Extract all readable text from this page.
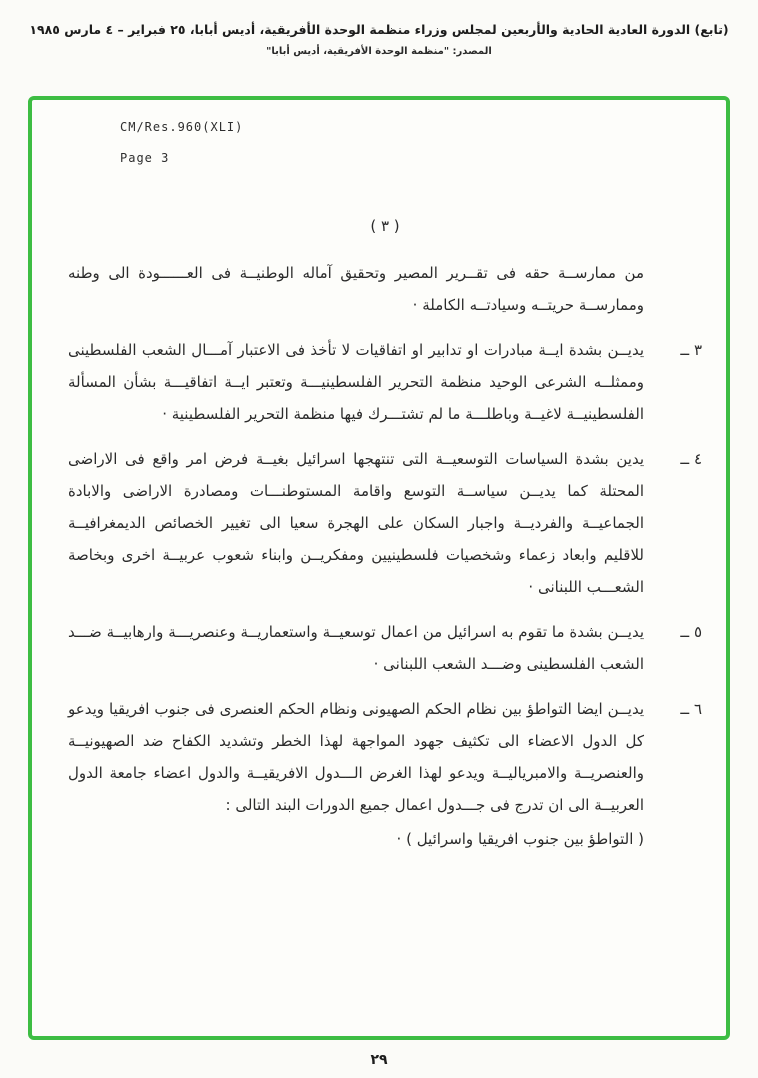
(تابع) الدورة العادية الحادية والأربعين لمجلس وزراء منظمة الوحدة الأفريقية، أديس أبابا، ٢٥ فبراير – ٤ مارس ١٩٨٥
المصدر: "منظمة الوحدة الأفريقية، أديس أبابا"
CM/Res.960(XLI)
Page 3
( ٣ )
من ممارســة حقه فى تقــرير المصير وتحقيق آماله الوطنيــة فى العــــــودة الى وطنه وممارســة حريتــه وسيادتــه الكاملة ·
٣ ــ
يديــن بشدة ايــة مبادرات او تدابير او اتفاقيات لا تأخذ فى الاعتبار آمـــال الشعب الفلسطينى وممثلــه الشرعى الوحيد منظمة التحرير الفلسطينيـــة وتعتبر ايــة اتفاقيـــة بشأن المسألة الفلسطينيــة لاغيــة وباطلـــة ما لم تشتـــرك فيها منظمة التحرير الفلسطينية ·
٤ ــ
يدين بشدة السياسات التوسعيــة التى تنتهجها اسرائيل بغيــة فرض امر واقع فى الاراضى المحتلة كما يديــن سياســة التوسع واقامة المستوطنـــات ومصادرة الاراضى والابادة الجماعيــة والفرديــة واجبار السكان على الهجرة سعيا الى تغيير الخصائص الديمغرافيــة للاقليم وابعاد زعماء وشخصيات فلسطينيين ومفكريــن وابناء شعوب عربيــة اخرى وبخاصة الشعـــب اللبنانى ·
٥ ــ
يديــن بشدة ما تقوم به اسرائيل من اعمال توسعيــة واستعماريــة وعنصريـــة وارهابيــة ضـــد الشعب الفلسطينى وضـــد الشعب اللبنانى ·
٦ ــ
يديــن ايضا التواطؤ بين نظام الحكم الصهيونى ونظام الحكم العنصرى فى جنوب افريقيا ويدعو كل الدول الاعضاء الى تكثيف جهود المواجهة لهذا الخطر وتشديد الكفاح ضد الصهيونيــة والعنصريــة والامبرياليــة ويدعو لهذا الغرض الـــدول الافريقيــة والدول اعضاء جامعة الدول العربيــة الى ان تدرج فى جـــدول اعمال جميع الدورات البند التالى :
( التواطؤ بين جنوب افريقيا واسرائيل ) ·
٢٩
